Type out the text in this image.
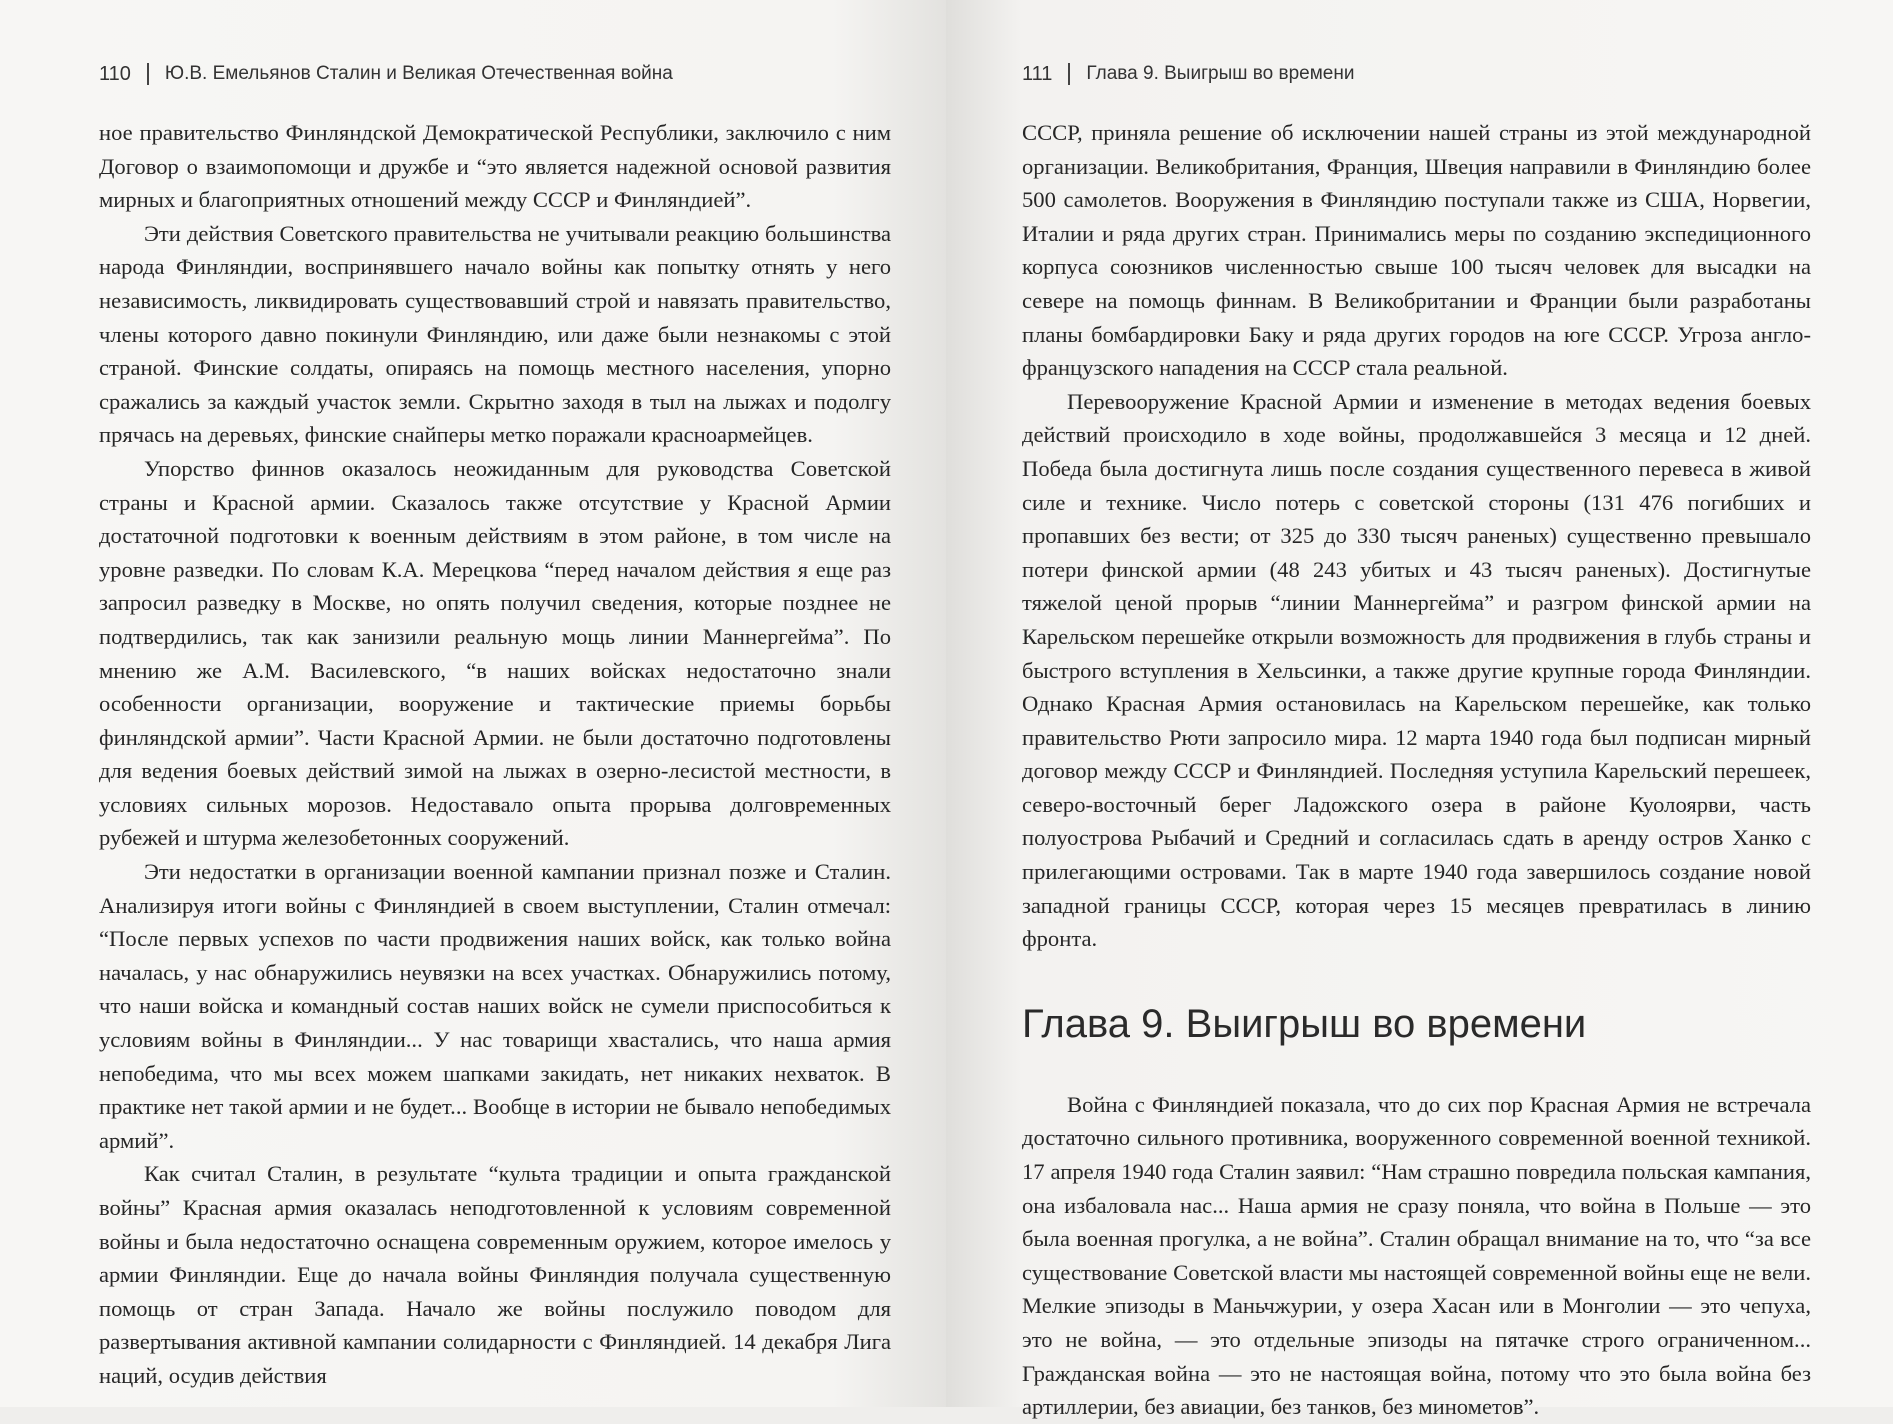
110 Ю.В. Емельянов Сталин и Великая Отечественная война

ное правительство Финляндской Демократической Республики, заключило с ним Договор о взаимопомощи и дружбе и “это является надежной основой развития мирных и благоприятных отношений между СССР и Финляндией”.

Эти действия Советского правительства не учитывали реакцию большинства народа Финляндии, воспринявшего начало войны как попытку отнять у него независимость, ликвидировать существовавший строй и навязать правительство, члены которого давно покинули Финляндию, или даже были незнакомы с этой страной. Финские солдаты, опираясь на помощь местного населения, упорно сражались за каждый участок земли. Скрытно заходя в тыл на лыжах и подолгу прячась на деревьях, финские снайперы метко поражали красноармейцев.

Упорство финнов оказалось неожиданным для руководства Советской страны и Красной армии. Сказалось также отсутствие у Красной Армии достаточной подготовки к военным действиям в этом районе, в том числе на уровне разведки. По словам К.А. Мерецкова “перед началом действия я еще раз запросил разведку в Москве, но опять получил сведения, которые позднее не подтвердились, так как занизили реальную мощь линии Маннергейма”. По мнению же А.М. Василевского, “в наших войсках недостаточно знали особенности организации, вооружение и тактические приемы борьбы финляндской армии”. Части Красной Армии. не были достаточно подготовлены для ведения боевых действий зимой на лыжах в озерно-лесистой местности, в условиях сильных морозов. Недоставало опыта прорыва долговременных рубежей и штурма железобетонных сооружений.

Эти недостатки в организации военной кампании признал позже и Сталин. Анализируя итоги войны с Финляндией в своем выступлении, Сталин отмечал: “После первых успехов по части продвижения наших войск, как только война началась, у нас обнаружились неувязки на всех участках. Обнаружились потому, что наши войска и командный состав наших войск не сумели приспособиться к условиям войны в Финляндии... У нас товарищи хвастались, что наша армия непобедима, что мы всех можем шапками закидать, нет никаких нехваток. В практике нет такой армии и не будет... Вообще в истории не бывало непобедимых армий”.

Как считал Сталин, в результате “культа традиции и опыта гражданской войны” Красная армия оказалась неподготовленной к условиям современной войны и была недостаточно оснащена современным оружием, которое имелось у армии Финляндии. Еще до начала войны Финляндия получала существенную помощь от стран Запада. Начало же войны послужило поводом для развертывания активной кампании солидарности с Финляндией. 14 декабря Лига наций, осудив действия

111 Глава 9. Выигрыш во времени

СССР, приняла решение об исключении нашей страны из этой международной организации. Великобритания, Франция, Швеция направили в Финляндию более 500 самолетов. Вооружения в Финляндию поступали также из США, Норвегии, Италии и ряда других стран. Принимались меры по созданию экспедиционного корпуса союзников численностью свыше 100 тысяч человек для высадки на севере на помощь финнам. В Великобритании и Франции были разработаны планы бомбардировки Баку и ряда других городов на юге СССР. Угроза англо-французского нападения на СССР стала реальной.

Перевооружение Красной Армии и изменение в методах ведения боевых действий происходило в ходе войны, продолжавшейся 3 месяца и 12 дней. Победа была достигнута лишь после создания существенного перевеса в живой силе и технике. Число потерь с советской стороны (131 476 погибших и пропавших без вести; от 325 до 330 тысяч раненых) существенно превышало потери финской армии (48 243 убитых и 43 тысяч раненых). Достигнутые тяжелой ценой прорыв “линии Маннергейма” и разгром финской армии на Карельском перешейке открыли возможность для продвижения в глубь страны и быстрого вступления в Хельсинки, а также другие крупные города Финляндии. Однако Красная Армия остановилась на Карельском перешейке, как только правительство Рюти запросило мира. 12 марта 1940 года был подписан мирный договор между СССР и Финляндией. Последняя уступила Карельский перешеек, северо-восточный берег Ладожского озера в районе Куолоярви, часть полуострова Рыбачий и Средний и согласилась сдать в аренду остров Ханко с прилегающими островами. Так в марте 1940 года завершилось создание новой западной границы СССР, которая через 15 месяцев превратилась в линию фронта.

Глава 9. Выигрыш во времени

Война с Финляндией показала, что до сих пор Красная Армия не встречала достаточно сильного противника, вооруженного современной военной техникой. 17 апреля 1940 года Сталин заявил: “Нам страшно повредила польская кампания, она избаловала нас... Наша армия не сразу поняла, что война в Польше — это была военная прогулка, а не война”. Сталин обращал внимание на то, что “за все существование Советской власти мы настоящей современной войны еще не вели. Мелкие эпизоды в Маньчжурии, у озера Хасан или в Монголии — это чепуха, это не война, — это отдельные эпизоды на пятачке строго ограниченном... Гражданская война — это не настоящая война, потому что это была война без артиллерии, без авиации, без танков, без минометов”.
